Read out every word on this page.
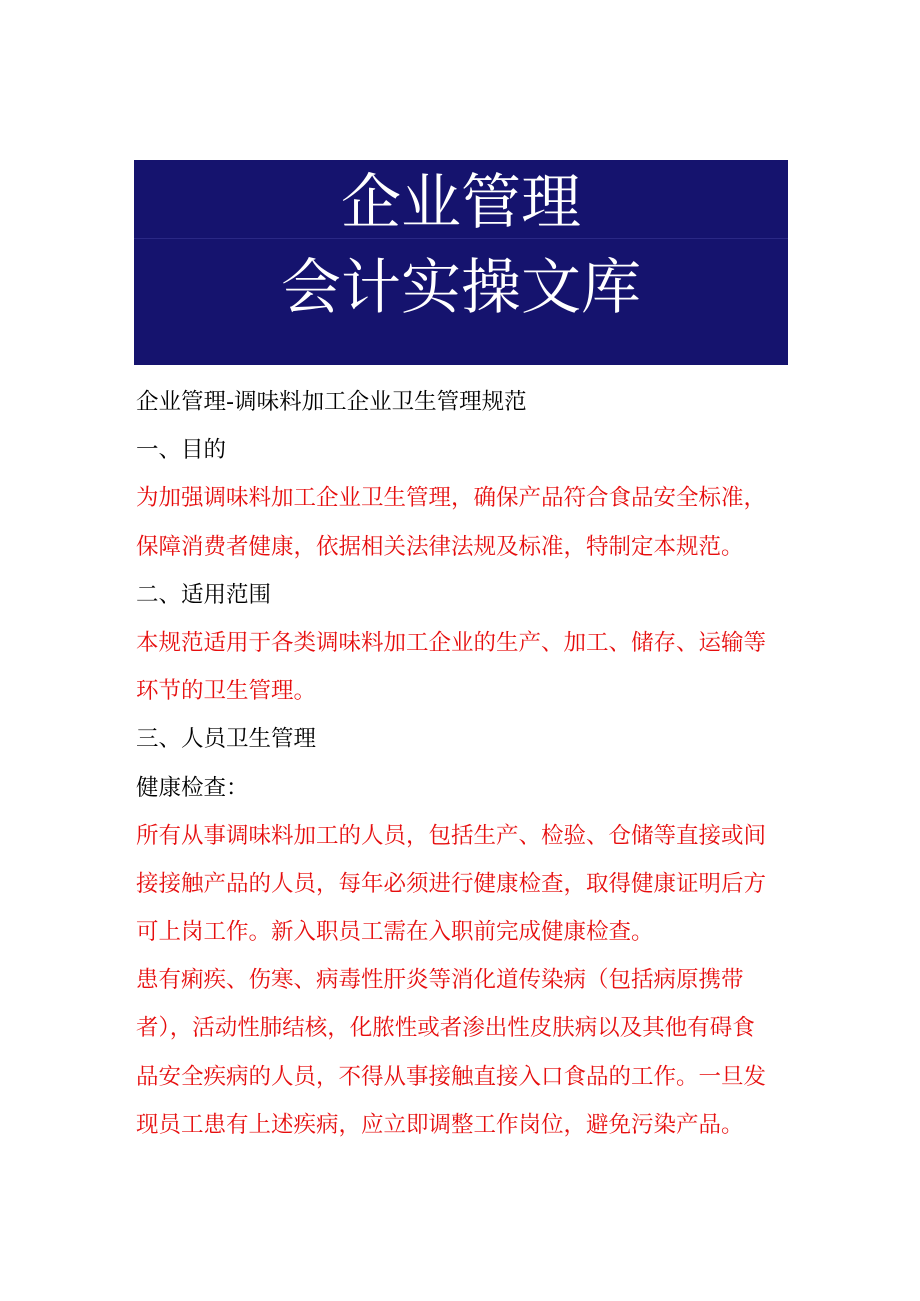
企业管理
会计实操文库
企业管理-调味料加工企业卫生管理规范
一、目的
为加强调味料加工企业卫生管理，确保产品符合食品安全标准，
保障消费者健康，依据相关法律法规及标准，特制定本规范。
二、适用范围
本规范适用于各类调味料加工企业的生产、加工、储存、运输等
环节的卫生管理。
三、人员卫生管理
健康检查：
所有从事调味料加工的人员，包括生产、检验、仓储等直接或间
接接触产品的人员，每年必须进行健康检查，取得健康证明后方
可上岗工作。新入职员工需在入职前完成健康检查。
患有痢疾、伤寒、病毒性肝炎等消化道传染病（包括病原携带
者），活动性肺结核，化脓性或者渗出性皮肤病以及其他有碍食
品安全疾病的人员，不得从事接触直接入口食品的工作。一旦发
现员工患有上述疾病，应立即调整工作岗位，避免污染产品。
